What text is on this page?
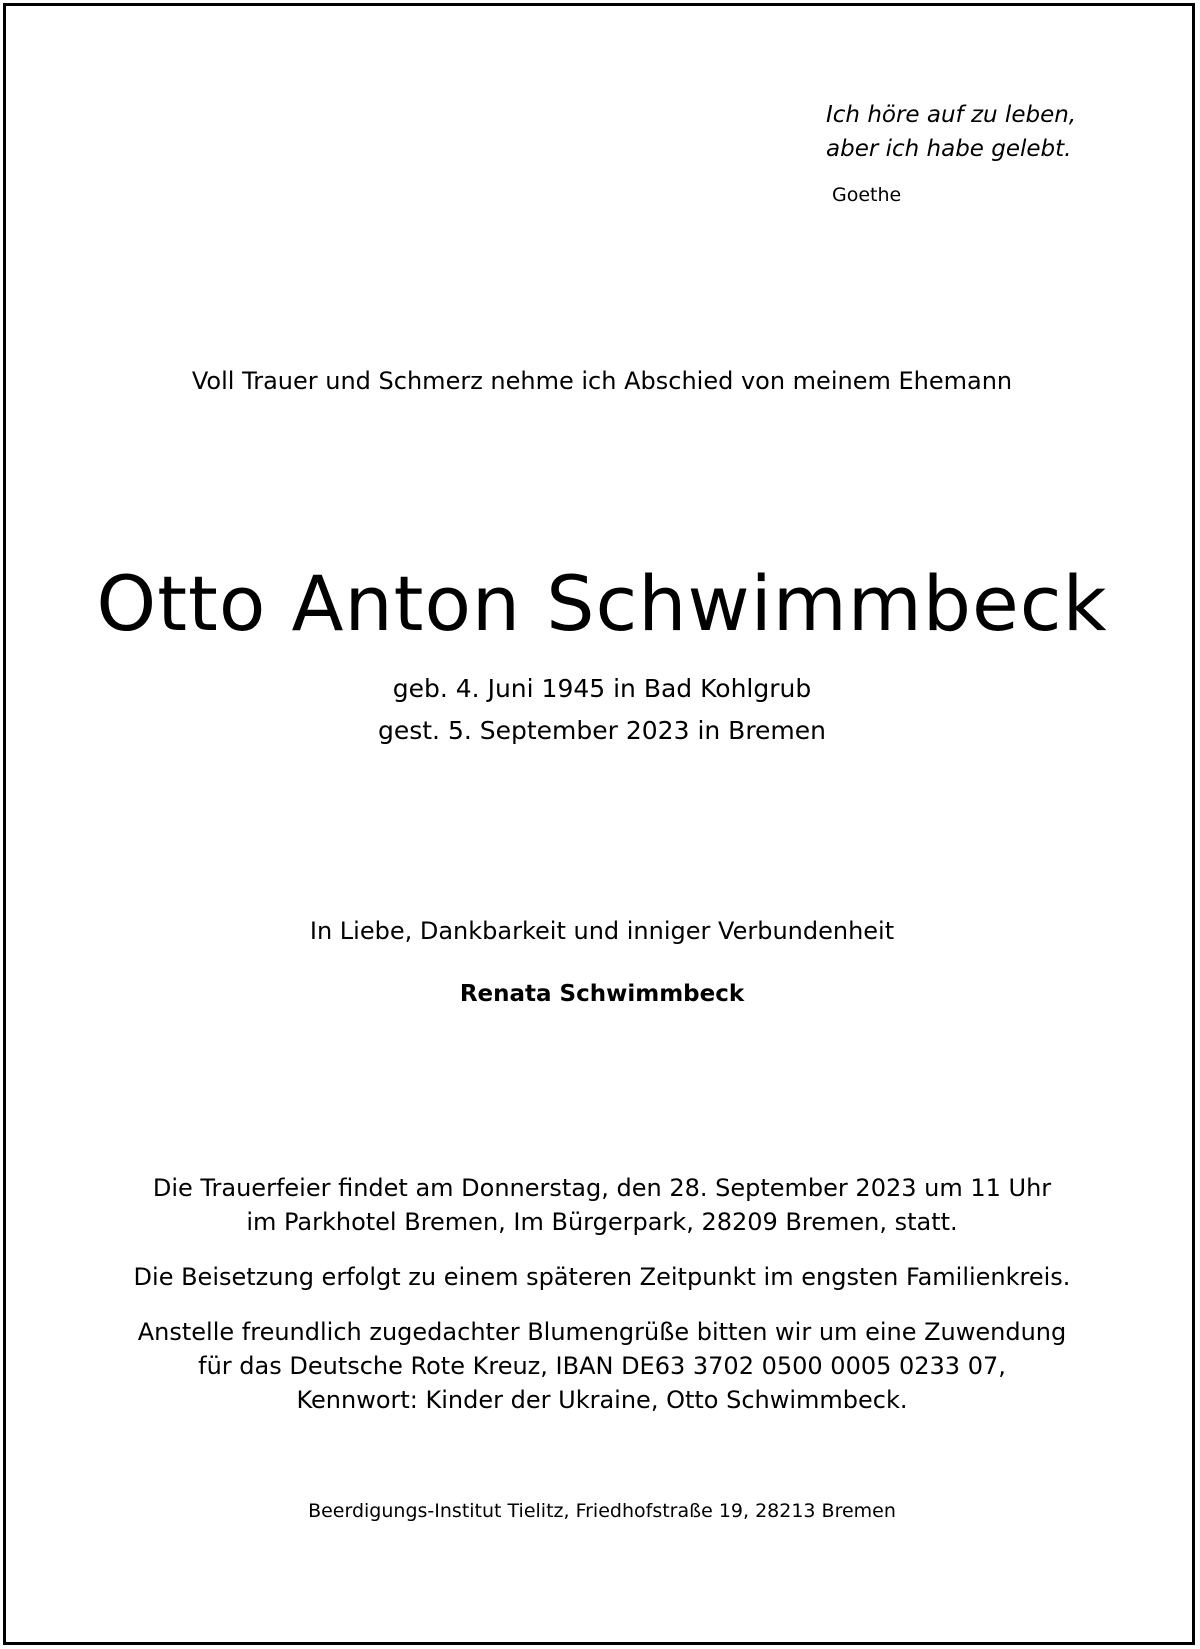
Ich höre auf zu leben,
aber ich habe gelebt.
Goethe
Voll Trauer und Schmerz nehme ich Abschied von meinem Ehemann
Otto Anton Schwimmbeck
geb. 4. Juni 1945 in Bad Kohlgrub
gest. 5. September 2023 in Bremen
In Liebe, Dankbarkeit und inniger Verbundenheit
Renata Schwimmbeck
Die Trauerfeier findet am Donnerstag, den 28. September 2023 um 11 Uhr
im Parkhotel Bremen, Im Bürgerpark, 28209 Bremen, statt.
Die Beisetzung erfolgt zu einem späteren Zeitpunkt im engsten Familienkreis.
Anstelle freundlich zugedachter Blumengrüße bitten wir um eine Zuwendung
für das Deutsche Rote Kreuz, IBAN DE63 3702 0500 0005 0233 07,
Kennwort: Kinder der Ukraine, Otto Schwimmbeck.
Beerdigungs-Institut Tielitz, Friedhofstraße 19, 28213 Bremen
